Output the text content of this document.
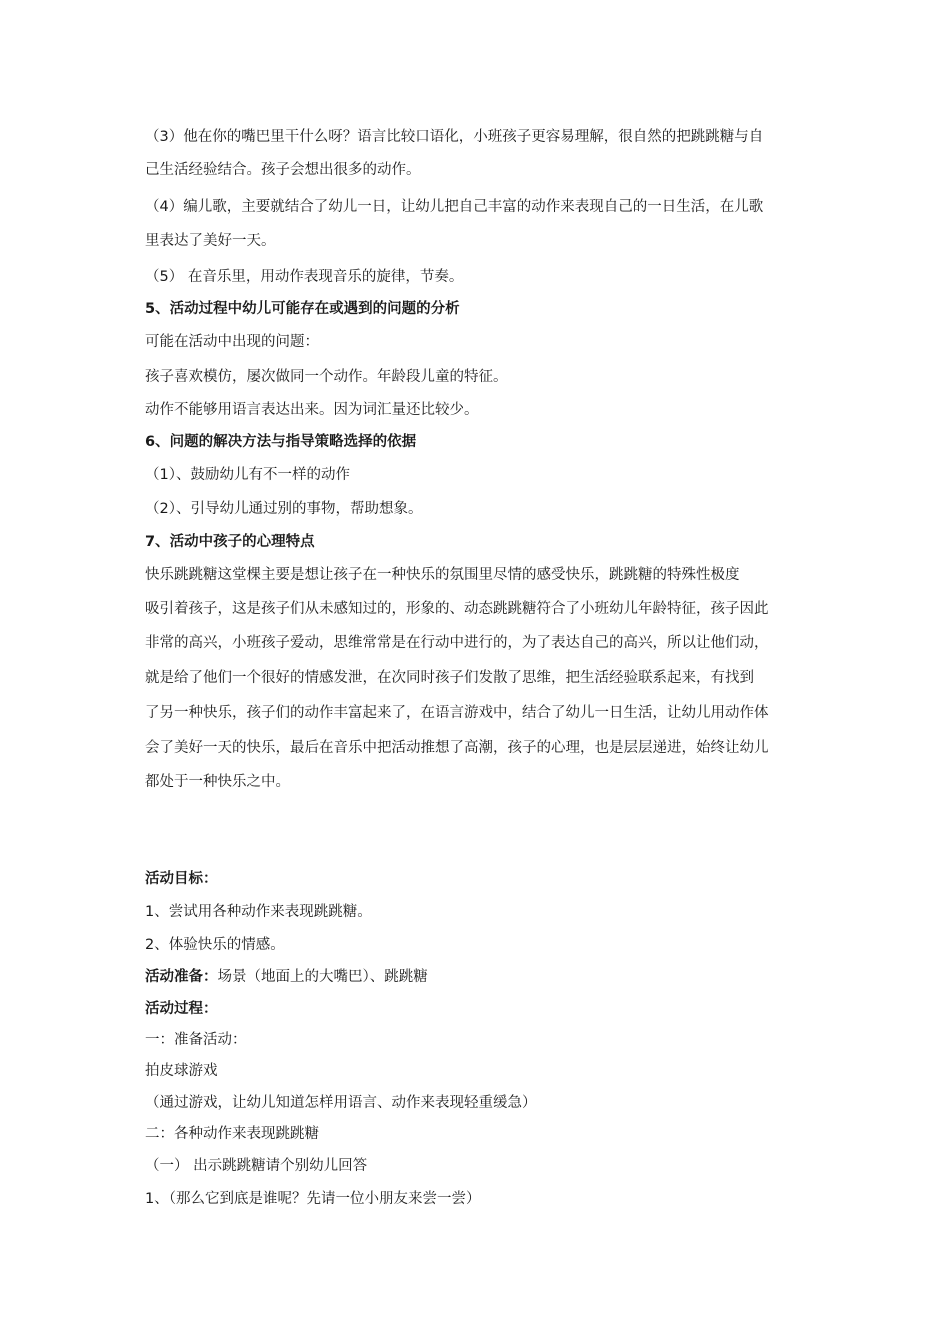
（3）他在你的嘴巴里干什么呀？语言比较口语化，小班孩子更容易理解，很自然的把跳跳糖与自
己生活经验结合。孩子会想出很多的动作。
（4）编儿歌，主要就结合了幼儿一日，让幼儿把自己丰富的动作来表现自己的一日生活，在儿歌
里表达了美好一天。
（5） 在音乐里，用动作表现音乐的旋律，节奏。
5、活动过程中幼儿可能存在或遇到的问题的分析
可能在活动中出现的问题：
孩子喜欢模仿，屡次做同一个动作。年龄段儿童的特征。
动作不能够用语言表达出来。因为词汇量还比较少。
6、问题的解决方法与指导策略选择的依据
（1）、鼓励幼儿有不一样的动作
（2）、引导幼儿通过别的事物，帮助想象。
7、活动中孩子的心理特点
快乐跳跳糖这堂棵主要是想让孩子在一种快乐的氛围里尽情的感受快乐，跳跳糖的特殊性极度
吸引着孩子，这是孩子们从未感知过的，形象的、动态跳跳糖符合了小班幼儿年龄特征，孩子因此
非常的高兴，小班孩子爱动，思维常常是在行动中进行的，为了表达自己的高兴，所以让他们动，
就是给了他们一个很好的情感发泄，在次同时孩子们发散了思维，把生活经验联系起来，有找到
了另一种快乐，孩子们的动作丰富起来了，在语言游戏中，结合了幼儿一日生活，让幼儿用动作体
会了美好一天的快乐，最后在音乐中把活动推想了高潮，孩子的心理，也是层层递进，始终让幼儿
都处于一种快乐之中。
活动目标：
1、尝试用各种动作来表现跳跳糖。
2、体验快乐的情感。
活动准备：场景（地面上的大嘴巴）、跳跳糖
活动过程：
一：准备活动：
拍皮球游戏
（通过游戏，让幼儿知道怎样用语言、动作来表现轻重缓急）
二：各种动作来表现跳跳糖
（一） 出示跳跳糖请个别幼儿回答
1、（那么它到底是谁呢？先请一位小朋友来尝一尝）
